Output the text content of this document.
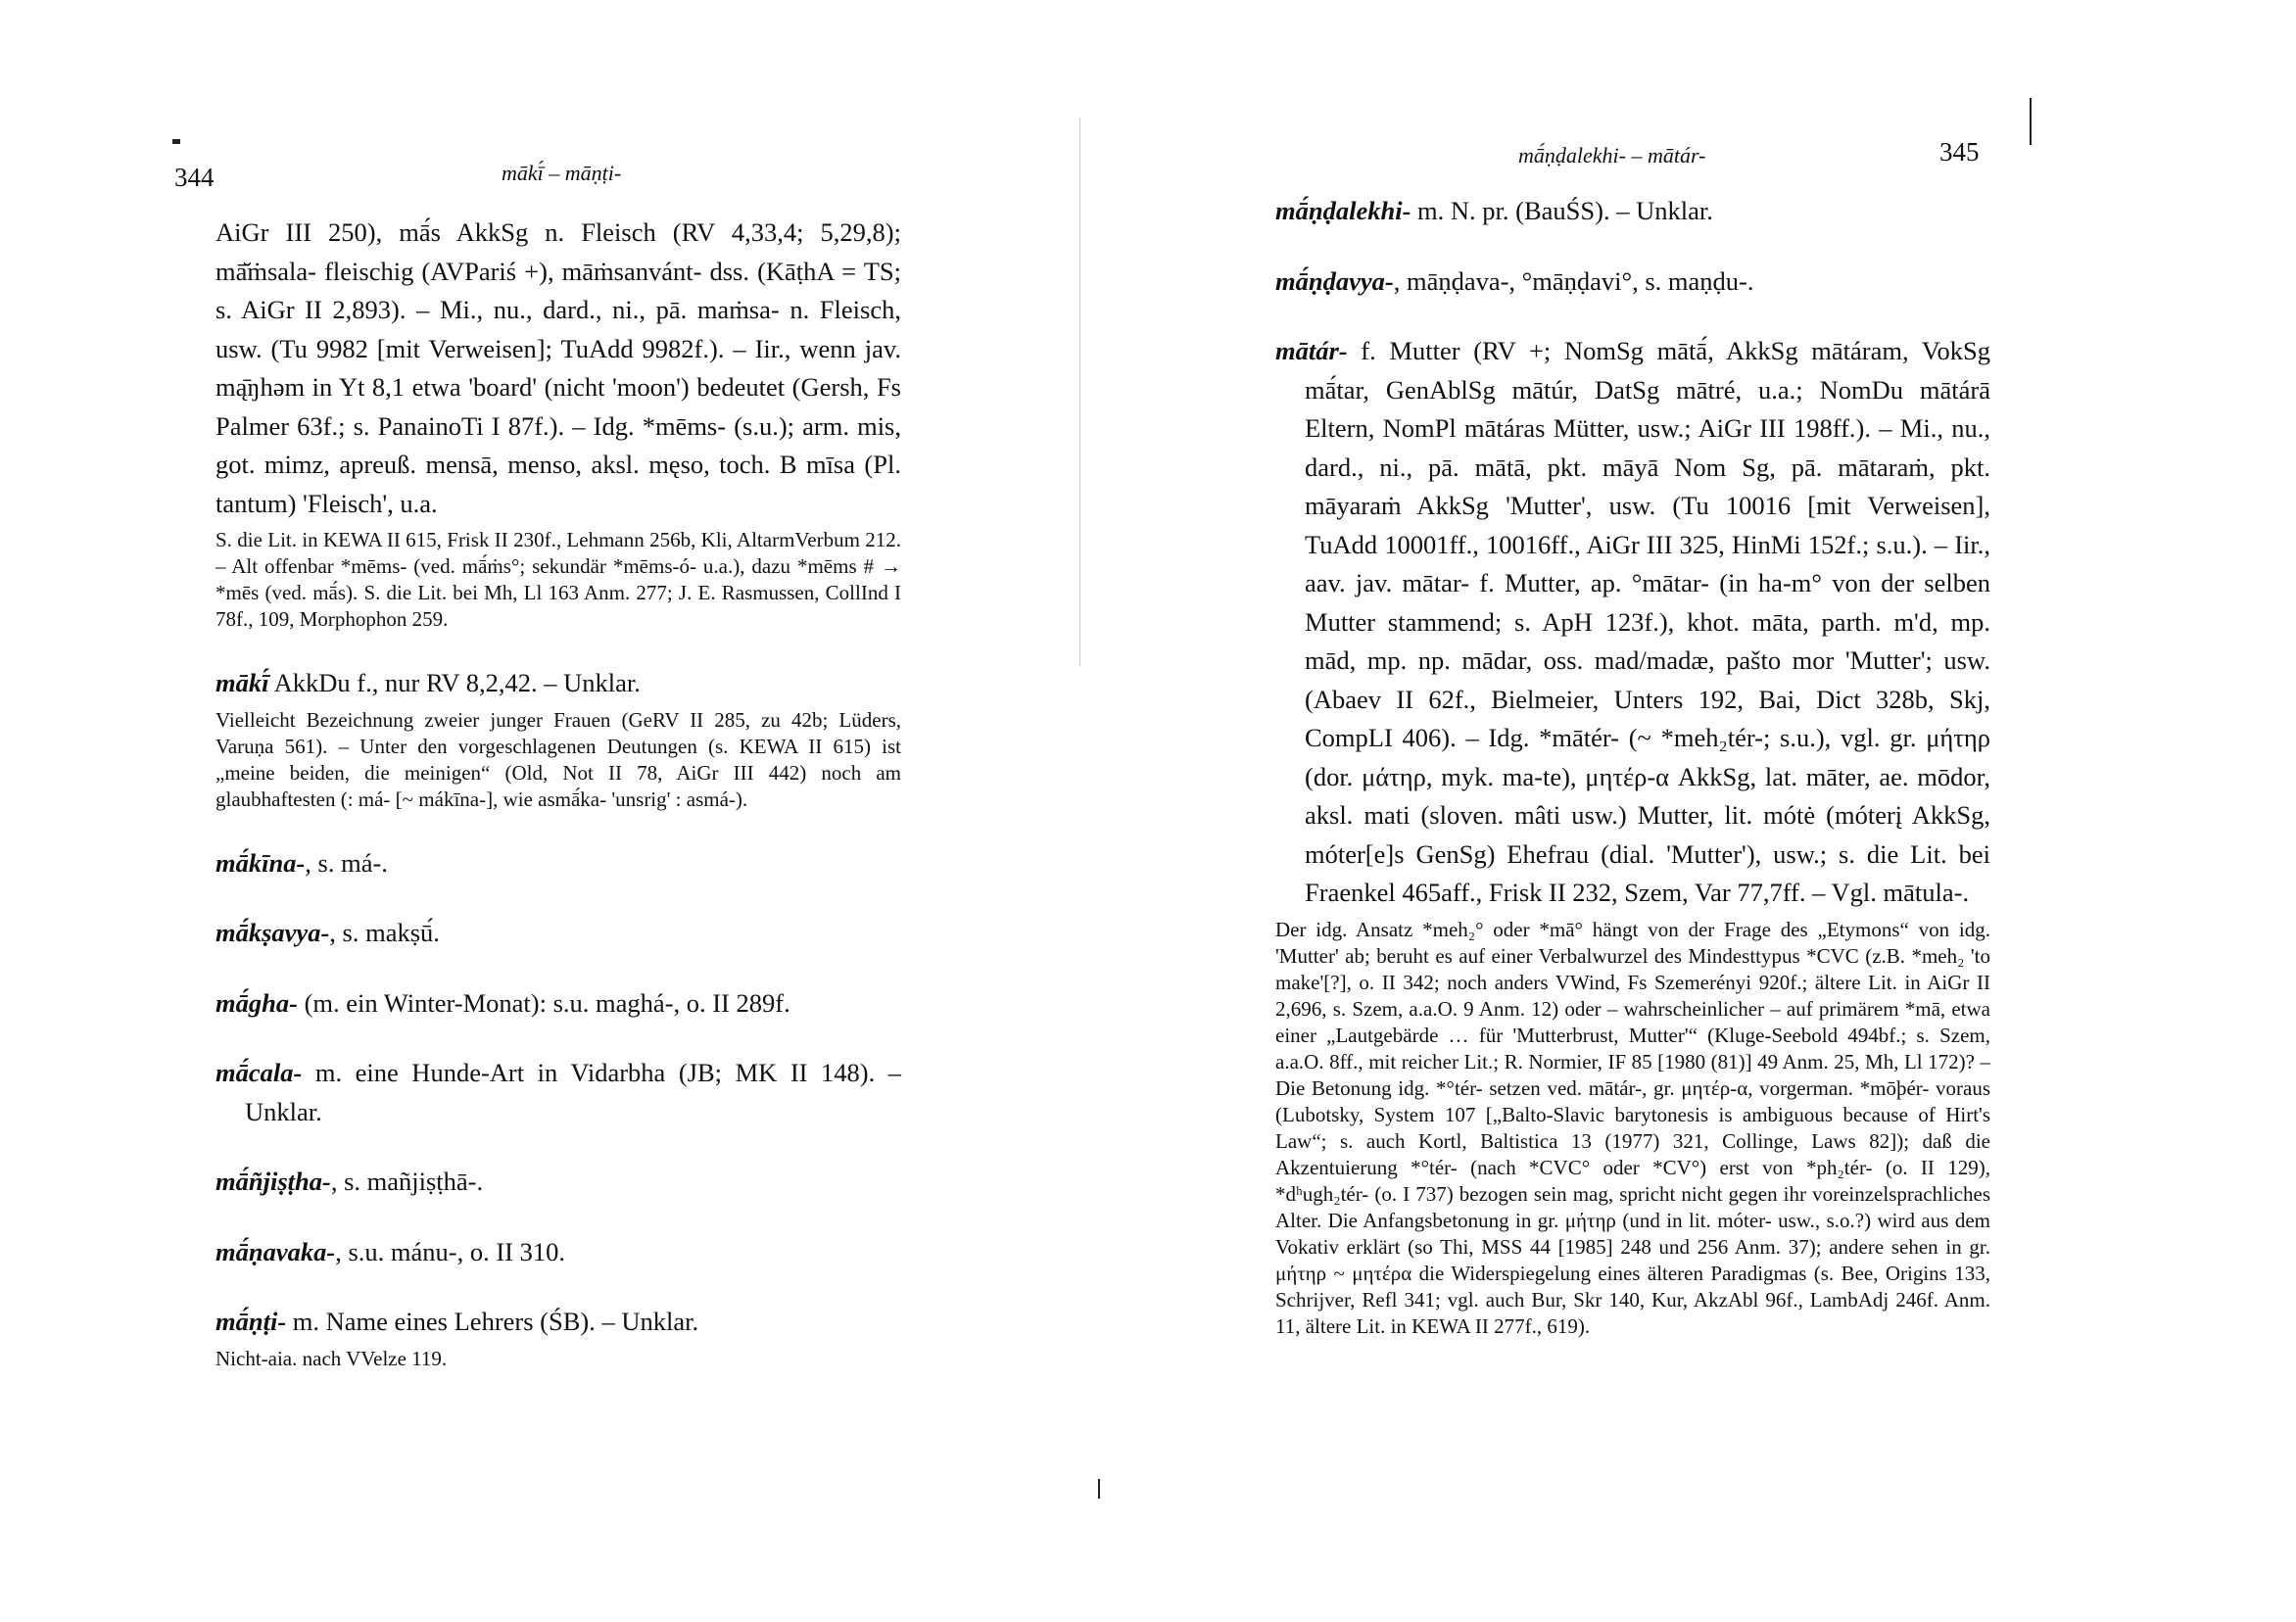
344	mākī́ – māṇṭi-

AiGr III 250), mā́s AkkSg n. Fleisch (RV 4,33,4; 5,29,8); mā̆ṁsala- fleischig (AVPariś +), māṁsanvánt- dss. (KāṭhA = TS; s. AiGr II 2,893). – Mi., nu., dard., ni., pā. maṁsa- n. Fleisch, usw. (Tu 9982 [mit Verweisen]; TuAdd 9982f.). – Iir., wenn jav. mą̄ŋhəm in Yt 8,1 etwa 'board' (nicht 'moon') bedeutet (Gersh, Fs Palmer 63f.; s. PanainoTi I 87f.). – Idg. *mēms- (s.u.); arm. mis, got. mimz, apreuß. mensā, menso, aksl. męso, toch. B mīsa (Pl. tantum) 'Fleisch', u.a.

S. die Lit. in KEWA II 615, Frisk II 230f., Lehmann 256b, Kli, AltarmVerbum 212. – Alt offenbar *mēms- (ved. mā́ṁs°; sekundär *mēms-ó- u.a.), dazu *mēms # → *mēs (ved. mā́s). S. die Lit. bei Mh, Ll 163 Anm. 277; J. E. Rasmussen, CollInd I 78f., 109, Morphophon 259.

mākī́ AkkDu f., nur RV 8,2,42. – Unklar.

Vielleicht Bezeichnung zweier junger Frauen (GeRV II 285, zu 42b; Lüders, Varuṇa 561). – Unter den vorgeschlagenen Deutungen (s. KEWA II 615) ist „meine beiden, die meinigen“ (Old, Not II 78, AiGr III 442) noch am glaubhaftesten (: má- [~ mákīna-], wie asmā́ka- 'unsrig' : asmá-).

mā́kīna-, s. má-.

mā́kṣavya-, s. makṣū́.

mā́gha- (m. ein Winter-Monat): s.u. maghá-, o. II 289f.

mā́cala- m. eine Hunde-Art in Vidarbha (JB; MK II 148). – Unklar.

mā́ñjiṣṭha-, s. mañjiṣṭhā-.

mā́ṇavaka-, s.u. mánu-, o. II 310.

mā́ṇṭi- m. Name eines Lehrers (ŚB). – Unklar.

Nicht-aia. nach VVelze 119.

mā́ṇḍalekhi- – mātár-	345

mā́ṇḍalekhi- m. N. pr. (BauŚS). – Unklar.

mā́ṇḍavya-, māṇḍava-, °māṇḍavi°, s. maṇḍu-.

mātár- f. Mutter (RV +; NomSg mātā́, AkkSg mātáram, VokSg mā́tar, GenAblSg mātúr, DatSg mātré, u.a.; NomDu mātárā Eltern, NomPl mātáras Mütter, usw.; AiGr III 198ff.). – Mi., nu., dard., ni., pā. mātā, pkt. māyā Nom Sg, pā. mātaraṁ, pkt. māyaraṁ AkkSg 'Mutter', usw. (Tu 10016 [mit Verweisen], TuAdd 10001ff., 10016ff., AiGr III 325, HinMi 152f.; s.u.). – Iir., aav. jav. mātar- f. Mutter, ap. °mātar- (in ha-m° von der selben Mutter stammend; s. ApH 123f.), khot. māta, parth. m'd, mp. mād, mp. np. mādar, oss. mad/madæ, pašto mor 'Mutter'; usw. (Abaev II 62f., Bielmeier, Unters 192, Bai, Dict 328b, Skj, CompLI 406). – Idg. *mātér- (~ *meh₂tér-; s.u.), vgl. gr. μήτηρ (dor. μάτηρ, myk. ma-te), μητέρ-α AkkSg, lat. māter, ae. mōdor, aksl. mati (sloven. mâti usw.) Mutter, lit. mótė (móterį AkkSg, móter[e]s GenSg) Ehefrau (dial. 'Mutter'), usw.; s. die Lit. bei Fraenkel 465aff., Frisk II 232, Szem, Var 77,7ff. – Vgl. mātula-.

Der idg. Ansatz *meh₂° oder *mā° hängt von der Frage des „Etymons“ von idg. 'Mutter' ab; beruht es auf einer Verbalwurzel des Mindesttypus *CVC (z.B. *meh₂ 'to make'[?], o. II 342; noch anders VWind, Fs Szemerényi 920f.; ältere Lit. in AiGr II 2,696, s. Szem, a.a.O. 9 Anm. 12) oder – wahrscheinlicher – auf primärem *mā, etwa einer „Lautgebärde … für 'Mutterbrust, Mutter'“ (Kluge-Seebold 494bf.; s. Szem, a.a.O. 8ff., mit reicher Lit.; R. Normier, IF 85 [1980 (81)] 49 Anm. 25, Mh, Ll 172)? – Die Betonung idg. *°tér- setzen ved. mātár-, gr. μητέρ-α, vorgerman. *mōþér- voraus (Lubotsky, System 107 [„Balto-Slavic barytonesis is ambiguous because of Hirt's Law“; s. auch Kortl, Baltistica 13 (1977) 321, Collinge, Laws 82]); daß die Akzentuierung *°tér- (nach *CVC° oder *CV°) erst von *ph₂tér- (o. II 129), *dʰugh₂tér- (o. I 737) bezogen sein mag, spricht nicht gegen ihr voreinzelsprachliches Alter. Die Anfangsbetonung in gr. μήτηρ (und in lit. móter- usw., s.o.?) wird aus dem Vokativ erklärt (so Thi, MSS 44 [1985] 248 und 256 Anm. 37); andere sehen in gr. μήτηρ ~ μητέρα die Widerspiegelung eines älteren Paradigmas (s. Bee, Origins 133, Schrijver, Refl 341; vgl. auch Bur, Skr 140, Kur, AkzAbl 96f., LambAdj 246f. Anm. 11, ältere Lit. in KEWA II 277f., 619).
